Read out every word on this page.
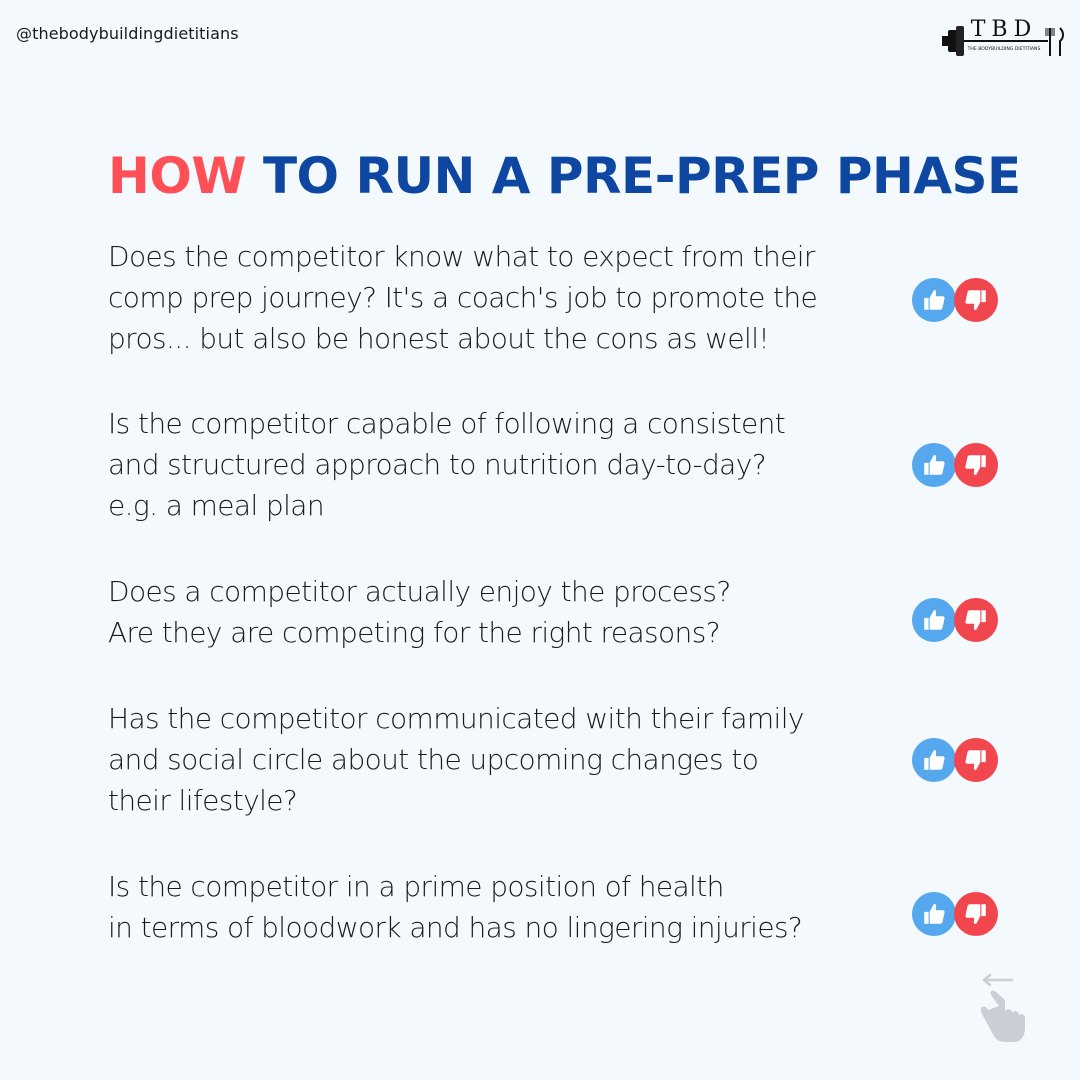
@thebodybuildingdietitians	TBD
THE BODYBUILDING DIETITIANS
HOW TO RUN A PRE-PREP PHASE

Does the competitor know what to expect from their
comp prep journey? It's a coach's job to promote the
pros... but also be honest about the cons as well!

Is the competitor capable of following a consistent
and structured approach to nutrition day-to-day?
e.g. a meal plan

Does a competitor actually enjoy the process?
Are they are competing for the right reasons?

Has the competitor communicated with their family
and social circle about the upcoming changes to
their lifestyle?

Is the competitor in a prime position of health
in terms of bloodwork and has no lingering injuries?
